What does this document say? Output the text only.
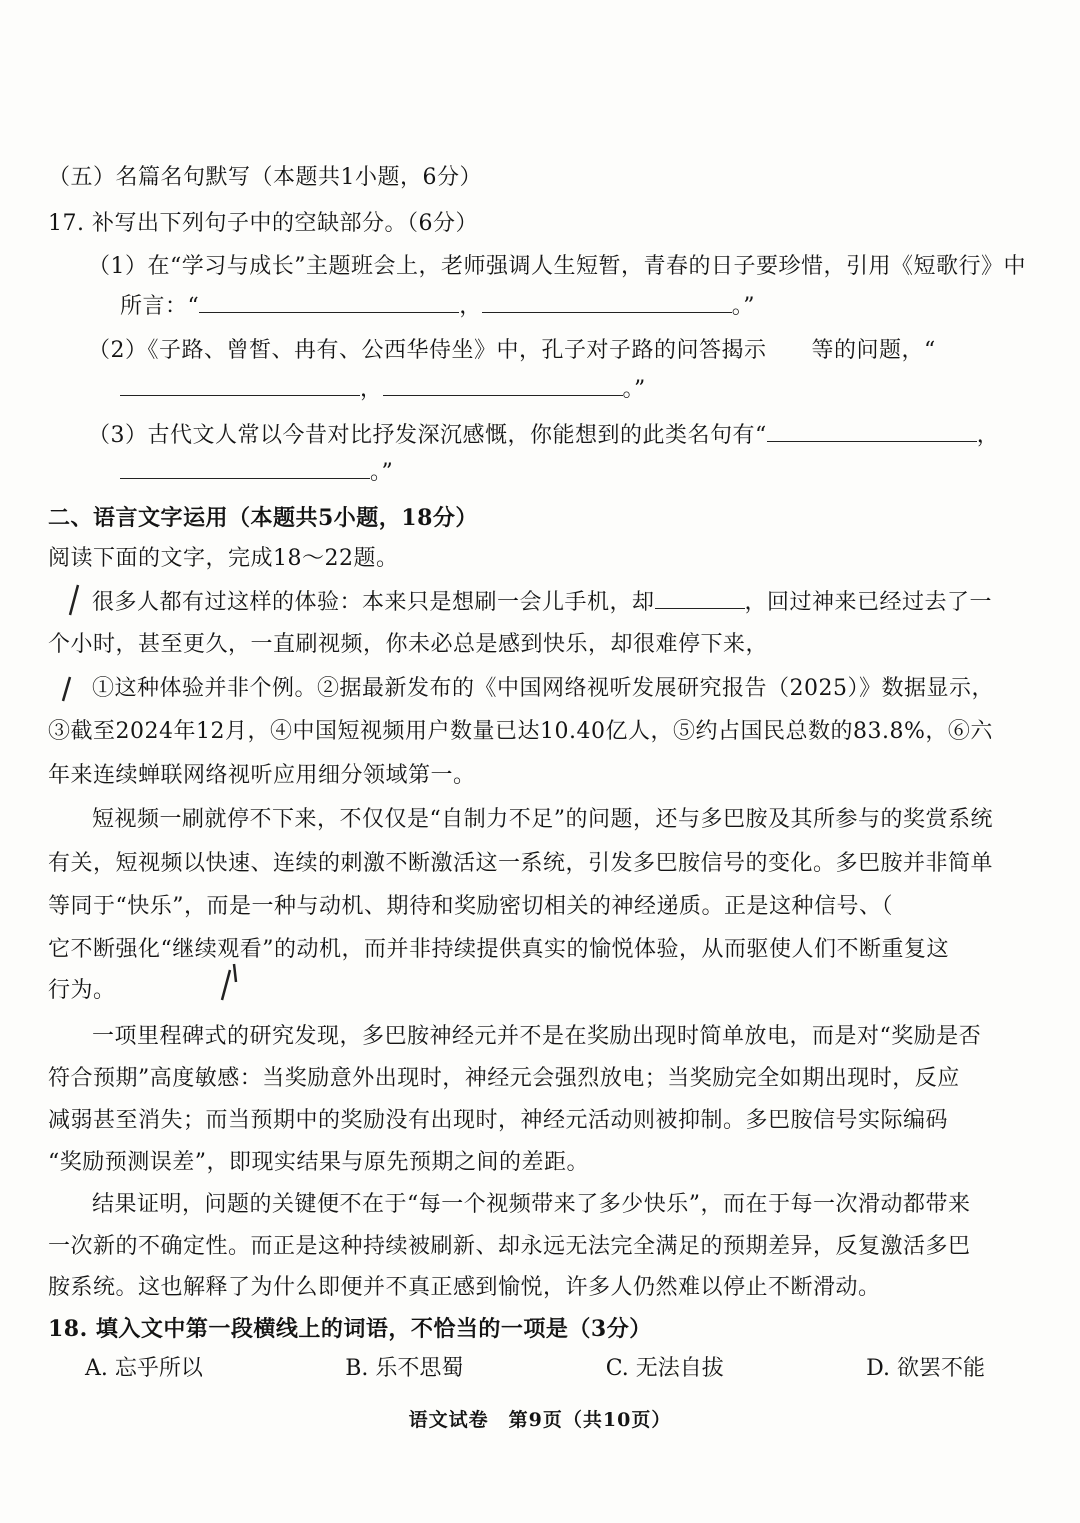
（五）名篇名句默写（本题共1小题，6分）
17. 补写出下列句子中的空缺部分。（6分）
（1）在“学习与成长”主题班会上，老师强调人生短暂，青春的日子要珍惜，引用《短歌行》中
所言：“	，	。”
（2）《子路、曾皙、冉有、公西华侍坐》中，孔子对子路的问答揭示　　等的问题，“
，	。”
（3）古代文人常以今昔对比抒发深沉感慨，你能想到的此类名句有“	，
。”
二、语言文字运用（本题共5小题，18分）
阅读下面的文字，完成18～22题。
很多人都有过这样的体验：本来只是想刷一会儿手机，却	，回过神来已经过去了一
个小时，甚至更久，一直刷视频，你未必总是感到快乐，却很难停下来，
①这种体验并非个例。②据最新发布的《中国网络视听发展研究报告（2025）》数据显示，
③截至2024年12月，④中国短视频用户数量已达10.40亿人，⑤约占国民总数的83.8%，⑥六
年来连续蝉联网络视听应用细分领域第一。
短视频一刷就停不下来，不仅仅是“自制力不足”的问题，还与多巴胺及其所参与的奖赏系统
有关，短视频以快速、连续的刺激不断激活这一系统，引发多巴胺信号的变化。多巴胺并非简单
等同于“快乐”，而是一种与动机、期待和奖励密切相关的神经递质。正是这种信号、（
它不断强化“继续观看”的动机，而并非持续提供真实的愉悦体验，从而驱使人们不断重复这
行为。
一项里程碑式的研究发现，多巴胺神经元并不是在奖励出现时简单放电，而是对“奖励是否
符合预期”高度敏感：当奖励意外出现时，神经元会强烈放电；当奖励完全如期出现时，反应
减弱甚至消失；而当预期中的奖励没有出现时，神经元活动则被抑制。多巴胺信号实际编码
“奖励预测误差”，即现实结果与原先预期之间的差距。
结果证明，问题的关键便不在于“每一个视频带来了多少快乐”，而在于每一次滑动都带来
一次新的不确定性。而正是这种持续被刷新、却永远无法完全满足的预期差异，反复激活多巴
胺系统。这也解释了为什么即便并不真正感到愉悦，许多人仍然难以停止不断滑动。
18. 填入文中第一段横线上的词语，不恰当的一项是（3分）
A. 忘乎所以	B. 乐不思蜀	C. 无法自拔	D. 欲罢不能
语文试卷　第9页（共10页）
